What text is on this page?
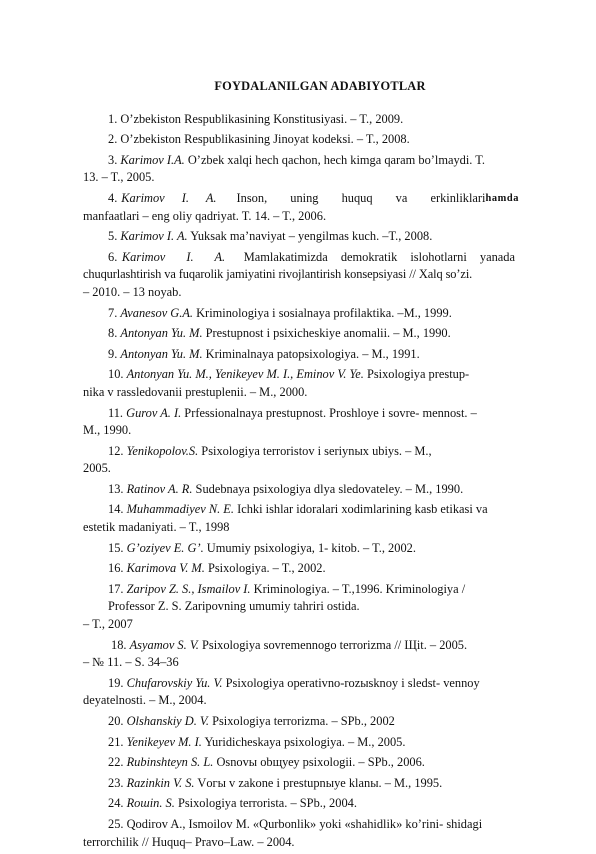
FOYDALANILGAN ADABIYOTLAR
1. O’zbekiston Respublikasining Konstitusiyasi. – T., 2009.
2. O’zbekiston Respublikasining Jinoyat kodeksi. – T., 2008.
3. Karimov I.A. O’zbek xalqi hech qachon, hech kimga qaram bo’lmaydi. T.
13. – T., 2005.
4. Karimov I. A. Inson, uning huquq va erkinliklari hamda
manfaatlari – eng oliy qadriyat. T. 14. – T., 2006.
5. Karimov I. A. Yuksak ma’naviyat – yengilmas kuch. –T., 2008.
6. Karimov I. A. Mamlakatimizda demokratik islohotlarni yanada
chuqurlashtirish va fuqarolik jamiyatini rivojlantirish konsepsiyasi // Xalq so’zi.
– 2010. – 13 noyab.
7. Avanesov G.A. Kriminologiya i sosialnaya profilaktika. –M., 1999.
8. Antonyan Yu. M. Prestupnost i psixicheskiye anomalii. – M., 1990.
9. Antonyan Yu. M. Kriminalnaya patopsixologiya. – M., 1991.
10. Antonyan Yu. M., Yenikeyev M. I., Eminov V. Ye. Psixologiya prestup-
nika v rassledovanii prestuplenii. – M., 2000.
11. Gurov A. I. Prfessionalnaya prestupnost. Proshloye i sovre- mennost. –
M., 1990.
12. Yenikopolov.S. Psixologiya terroristov i seriynых ubiys. – M.,
2005.
13. Ratinov A. R. Sudebnaya psixologiya dlya sledovateley. – M., 1990.
14. Muhammadiyev N. E. Ichki ishlar idoralari xodimlarining kasb etikasi va
estetik madaniyati. – T., 1998
15. G’oziyev E. G’. Umumiy psixologiya, 1- kitob. – T., 2002.
16. Karimova V. M. Psixologiya. – T., 2002.
17. Zaripov Z. S., Ismailov I. Kriminologiya. – T.,1996. Kriminologiya /
Professor Z. S. Zaripovning umumiy tahriri ostida.
– T., 2007
18. Asyamov S. V. Psixologiya sovremennogo terrorizma // Щit. – 2005.
– № 11. – S. 34–36
19. Chufarovskiy Yu. V. Psixologiya operativno-rozыsknoy i sledst- vennoy
deyatelnosti. – M., 2004.
20. Olshanskiy D. V. Psixologiya terrorizma. – SPb., 2002
21. Yenikeyev M. I. Yuridicheskaya psixologiya. – M., 2005.
22. Rubinshteyn S. L. Osnovы obщуеу psixologii. – SPb., 2006.
23. Razinkin V. S. Vогы v zakone i prestupnыye klanы. – M., 1995.
24. Roшin. S. Psixologiya terrorista. – SPb., 2004.
25. Qodirov A., Ismoilov M. «Qurbonlik» yoki «shahidlik» ko’rini- shidagi
terrorchilik // Huquq– Pravo–Law. – 2004.
